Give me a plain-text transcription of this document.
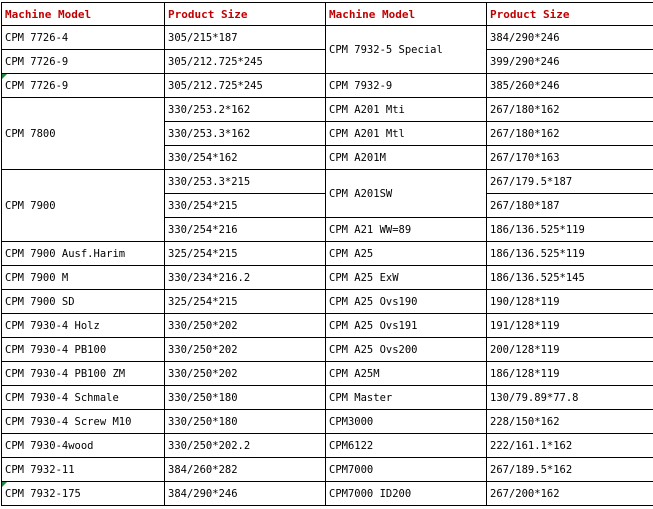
Machine Model	Product Size	Machine Model	Product Size
CPM 7726-4	305/215*187	CPM 7932-5 Special	384/290*246
CPM 7726-9	305/212.725*245		399/290*246
CPM 7726-9	305/212.725*245	CPM 7932-9	385/260*246
CPM 7800	330/253.2*162	CPM A201 Mti	267/180*162
	330/253.3*162	CPM A201 Mtl	267/180*162
	330/254*162	CPM A201M	267/170*163
CPM 7900	330/253.3*215	CPM A201SW	267/179.5*187
	330/254*215		267/180*187
	330/254*216	CPM A21 WW=89	186/136.525*119
CPM 7900 Ausf.Harim	325/254*215	CPM A25	186/136.525*119
CPM 7900 M	330/234*216.2	CPM A25 ExW	186/136.525*145
CPM 7900 SD	325/254*215	CPM A25 Ovs190	190/128*119
CPM 7930-4 Holz	330/250*202	CPM A25 Ovs191	191/128*119
CPM 7930-4 PB100	330/250*202	CPM A25 Ovs200	200/128*119
CPM 7930-4 PB100 ZM	330/250*202	CPM A25M	186/128*119
CPM 7930-4 Schmale	330/250*180	CPM Master	130/79.89*77.8
CPM 7930-4 Screw M10	330/250*180	CPM3000	228/150*162
CPM 7930-4wood	330/250*202.2	CPM6122	222/161.1*162
CPM 7932-11	384/260*282	CPM7000	267/189.5*162
CPM 7932-175	384/290*246	CPM7000 ID200	267/200*162
